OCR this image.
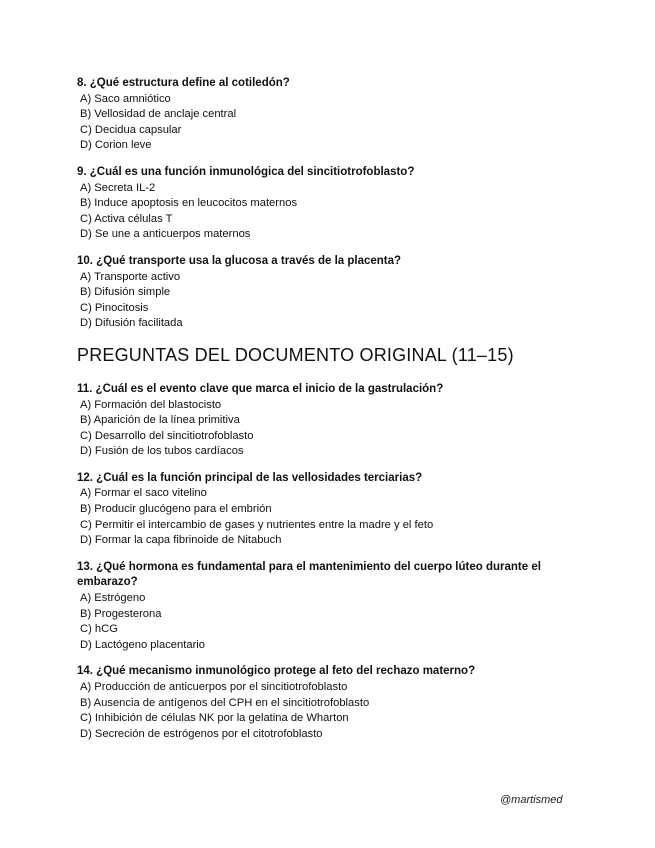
8. ¿Qué estructura define al cotiledón?

A) Saco amniótico

B) Vellosidad de anclaje central

C) Decidua capsular

D) Corion leve

9. ¿Cuál es una función inmunológica del sincitiotrofoblasto?

A) Secreta IL-2

B) Induce apoptosis en leucocitos maternos

C) Activa células T

D) Se une a anticuerpos maternos

10. ¿Qué transporte usa la glucosa a través de la placenta?

A) Transporte activo

B) Difusión simple

C) Pinocitosis

D) Difusión facilitada

PREGUNTAS DEL DOCUMENTO ORIGINAL (11–15)

11. ¿Cuál es el evento clave que marca el inicio de la gastrulación?

A) Formación del blastocisto

B) Aparición de la línea primitiva

C) Desarrollo del sincitiotrofoblasto

D) Fusión de los tubos cardíacos

12. ¿Cuál es la función principal de las vellosidades terciarias?

A) Formar el saco vitelino

B) Producir glucógeno para el embrión

C) Permitir el intercambio de gases y nutrientes entre la madre y el feto

D) Formar la capa fibrinoide de Nitabuch

13. ¿Qué hormona es fundamental para el mantenimiento del cuerpo lúteo durante el embarazo?

A) Estrógeno

B) Progesterona

C) hCG

D) Lactógeno placentario

14. ¿Qué mecanismo inmunológico protege al feto del rechazo materno?

A) Producción de anticuerpos por el sincitiotrofoblasto

B) Ausencia de antígenos del CPH en el sincitiotrofoblasto

C) Inhibición de células NK por la gelatina de Wharton

D) Secreción de estrógenos por el citotrofoblasto

@martismed
